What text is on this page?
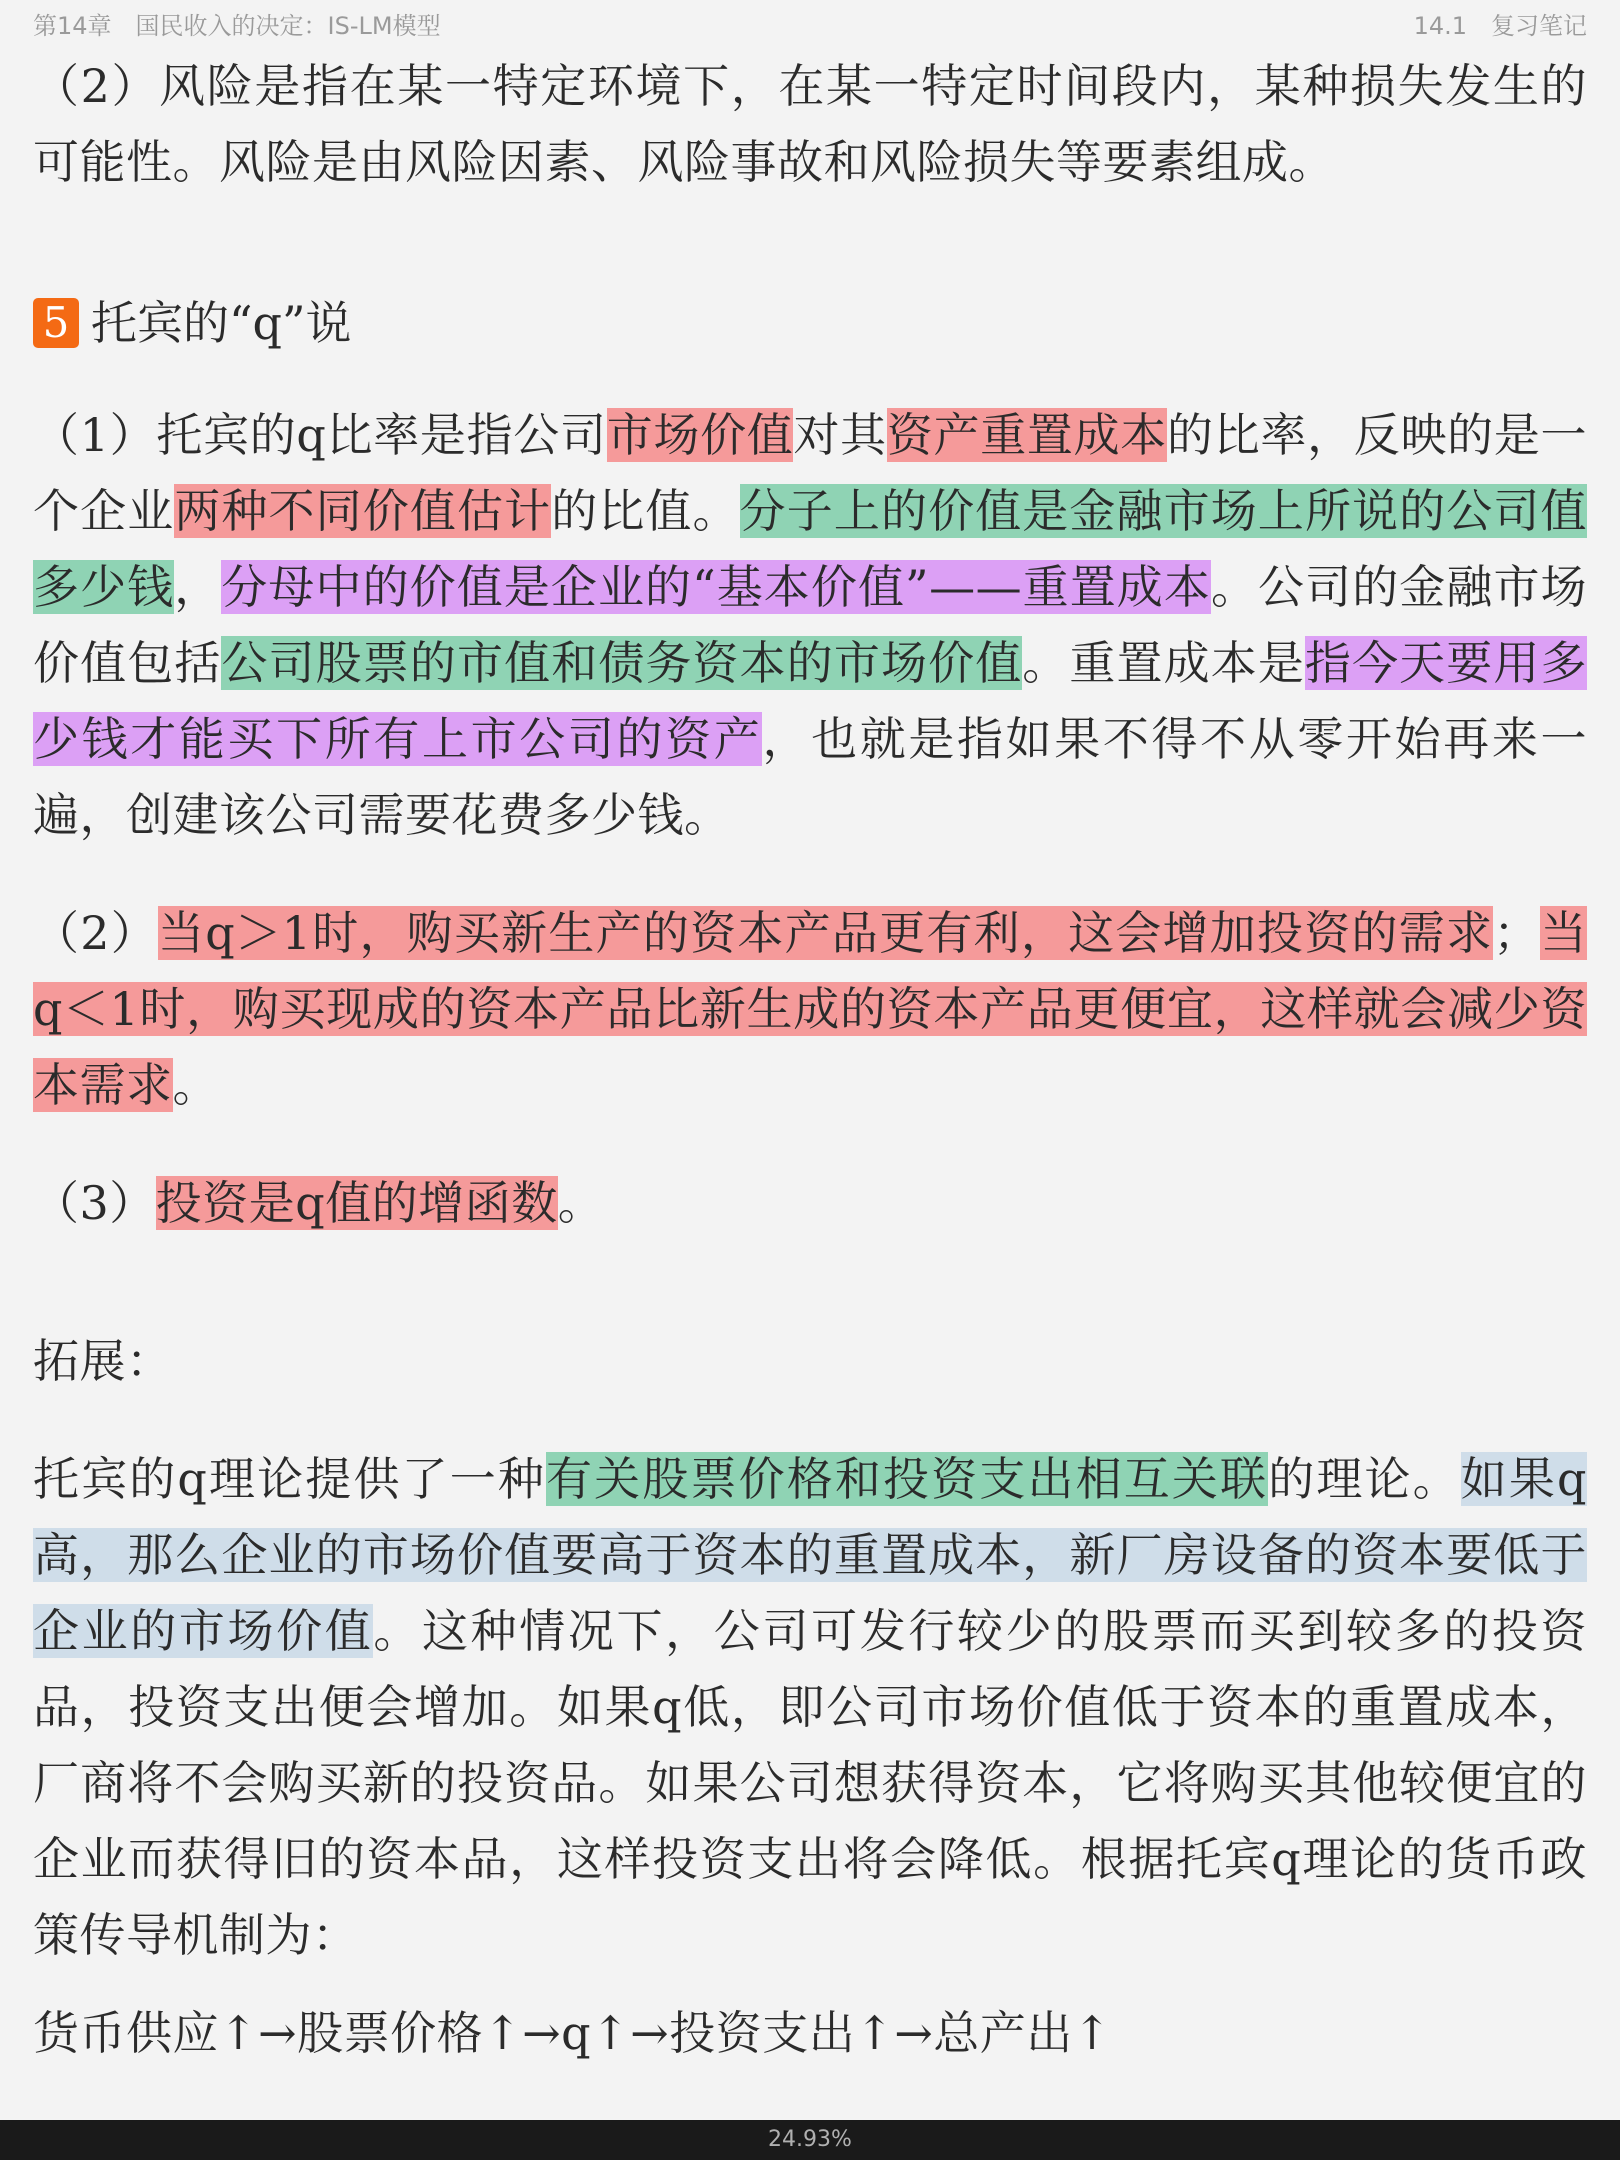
第14章 国民收入的决定：IS-LM模型	14.1 复习笔记

（2）风险是指在某一特定环境下，在某一特定时间段内，某种损失发生的可能性。风险是由风险因素、风险事故和风险损失等要素组成。

5 托宾的“q”说

（1）托宾的q比率是指公司市场价值对其资产重置成本的比率，反映的是一个企业两种不同价值估计的比值。分子上的价值是金融市场上所说的公司值多少钱，分母中的价值是企业的“基本价值”——重置成本。公司的金融市场价值包括公司股票的市值和债务资本的市场价值。重置成本是指今天要用多少钱才能买下所有上市公司的资产，也就是指如果不得不从零开始再来一遍，创建该公司需要花费多少钱。

（2）当q＞1时，购买新生产的资本产品更有利，这会增加投资的需求；当q＜1时，购买现成的资本产品比新生成的资本产品更便宜，这样就会减少资本需求。

（3）投资是q值的增函数。

拓展：

托宾的q理论提供了一种有关股票价格和投资支出相互关联的理论。如果q高，那么企业的市场价值要高于资本的重置成本，新厂房设备的资本要低于企业的市场价值。这种情况下，公司可发行较少的股票而买到较多的投资品，投资支出便会增加。如果q低，即公司市场价值低于资本的重置成本，厂商将不会购买新的投资品。如果公司想获得资本，它将购买其他较便宜的企业而获得旧的资本品，这样投资支出将会降低。根据托宾q理论的货币政策传导机制为：

货币供应↑→股票价格↑→q↑→投资支出↑→总产出↑

24.93%
